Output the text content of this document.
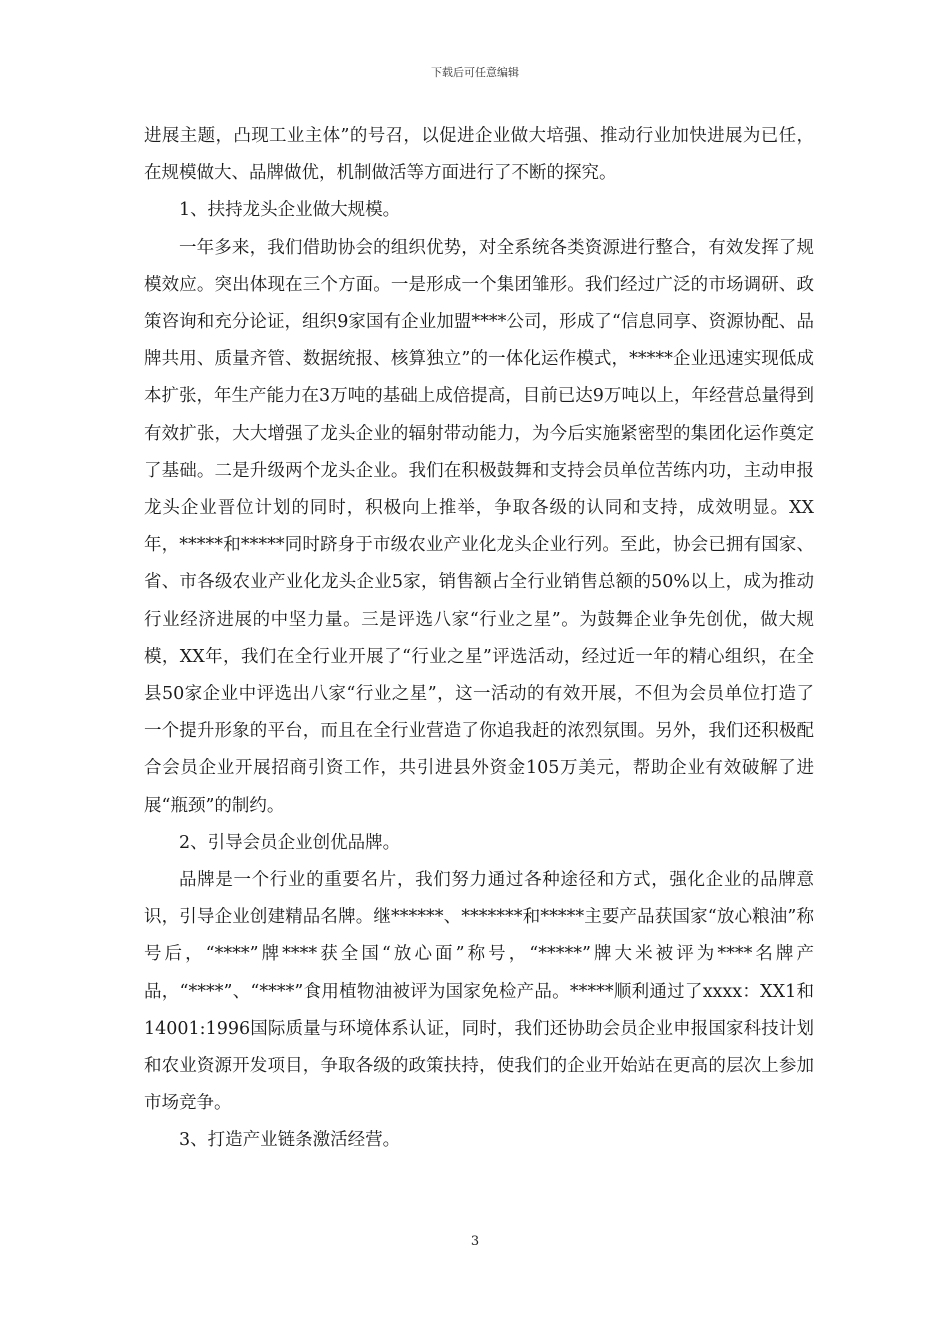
下载后可任意编辑

进展主题，凸现工业主体”的号召，以促进企业做大培强、推动行业加快进展为已任，在规模做大、品牌做优，机制做活等方面进行了不断的探究。

1、扶持龙头企业做大规模。

一年多来，我们借助协会的组织优势，对全系统各类资源进行整合，有效发挥了规模效应。突出体现在三个方面。一是形成一个集团雏形。我们经过广泛的市场调研、政策咨询和充分论证，组织9家国有企业加盟****公司，形成了“信息同享、资源协配、品牌共用、质量齐管、数据统报、核算独立”的一体化运作模式，*****企业迅速实现低成本扩张，年生产能力在3万吨的基础上成倍提高，目前已达9万吨以上，年经营总量得到有效扩张，大大增强了龙头企业的辐射带动能力，为今后实施紧密型的集团化运作奠定了基础。二是升级两个龙头企业。我们在积极鼓舞和支持会员单位苦练内功，主动申报龙头企业晋位计划的同时，积极向上推举，争取各级的认同和支持，成效明显。XX年，*****和*****同时跻身于市级农业产业化龙头企业行列。至此，协会已拥有国家、省、市各级农业产业化龙头企业5家，销售额占全行业销售总额的50%以上，成为推动行业经济进展的中坚力量。三是评选八家“行业之星”。为鼓舞企业争先创优，做大规模，XX年，我们在全行业开展了“行业之星”评选活动，经过近一年的精心组织，在全县50家企业中评选出八家“行业之星”，这一活动的有效开展，不但为会员单位打造了一个提升形象的平台，而且在全行业营造了你追我赶的浓烈氛围。另外，我们还积极配合会员企业开展招商引资工作，共引进县外资金105万美元，帮助企业有效破解了进展“瓶颈”的制约。

2、引导会员企业创优品牌。

品牌是一个行业的重要名片，我们努力通过各种途径和方式，强化企业的品牌意识，引导企业创建精品名牌。继******、*******和*****主要产品获国家“放心粮油”称号后，“****”牌****获全国“放心面”称号，“*****”牌大米被评为****名牌产品，“****”、“****”食用植物油被评为国家免检产品。*****顺利通过了xxxx：XX1和14001:1996国际质量与环境体系认证，同时，我们还协助会员企业申报国家科技计划和农业资源开发项目，争取各级的政策扶持，使我们的企业开始站在更高的层次上参加市场竞争。

3、打造产业链条激活经营。

3
